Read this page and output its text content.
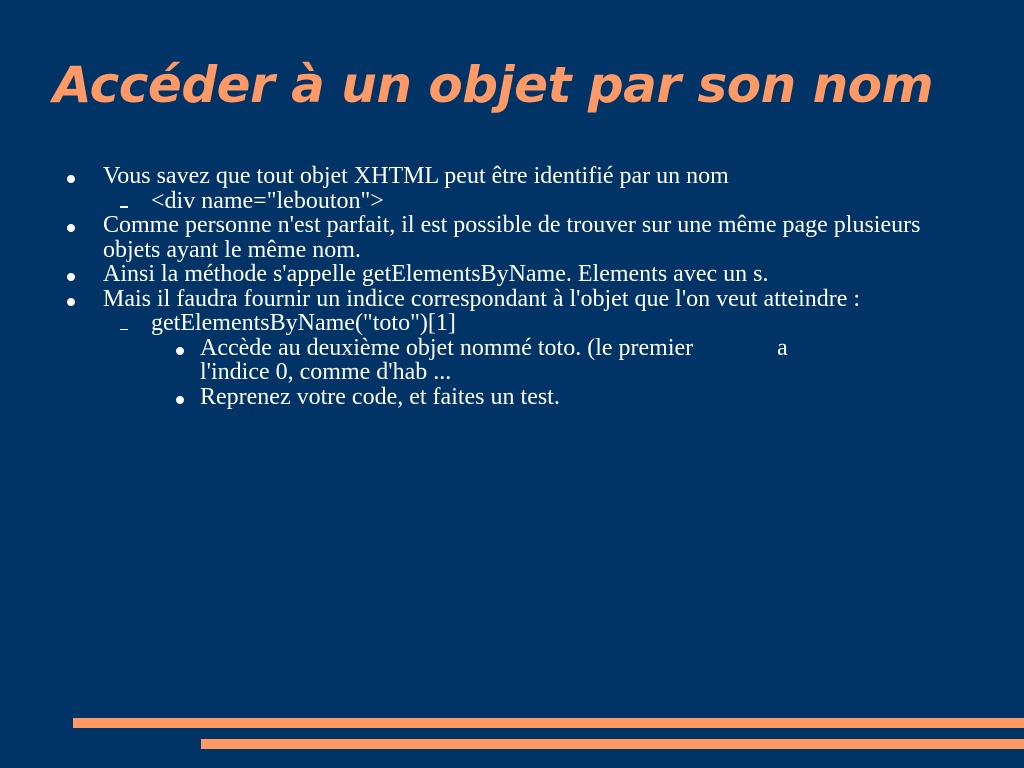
Accéder à un objet par son nom
Vous savez que tout objet XHTML peut être identifié par un nom
<div name="lebouton">
Comme personne n'est parfait, il est possible de trouver sur une même page plusieurs objets ayant le même nom.
Ainsi la méthode s'appelle getElementsByName. Elements avec un s.
Mais il faudra fournir un indice correspondant à l'objet que l'on veut atteindre :
getElementsByName("toto")[1]
Accède au deuxième objet nommé toto. (le premier	a
l'indice 0, comme d'hab ...
Reprenez votre code, et faites un test.
